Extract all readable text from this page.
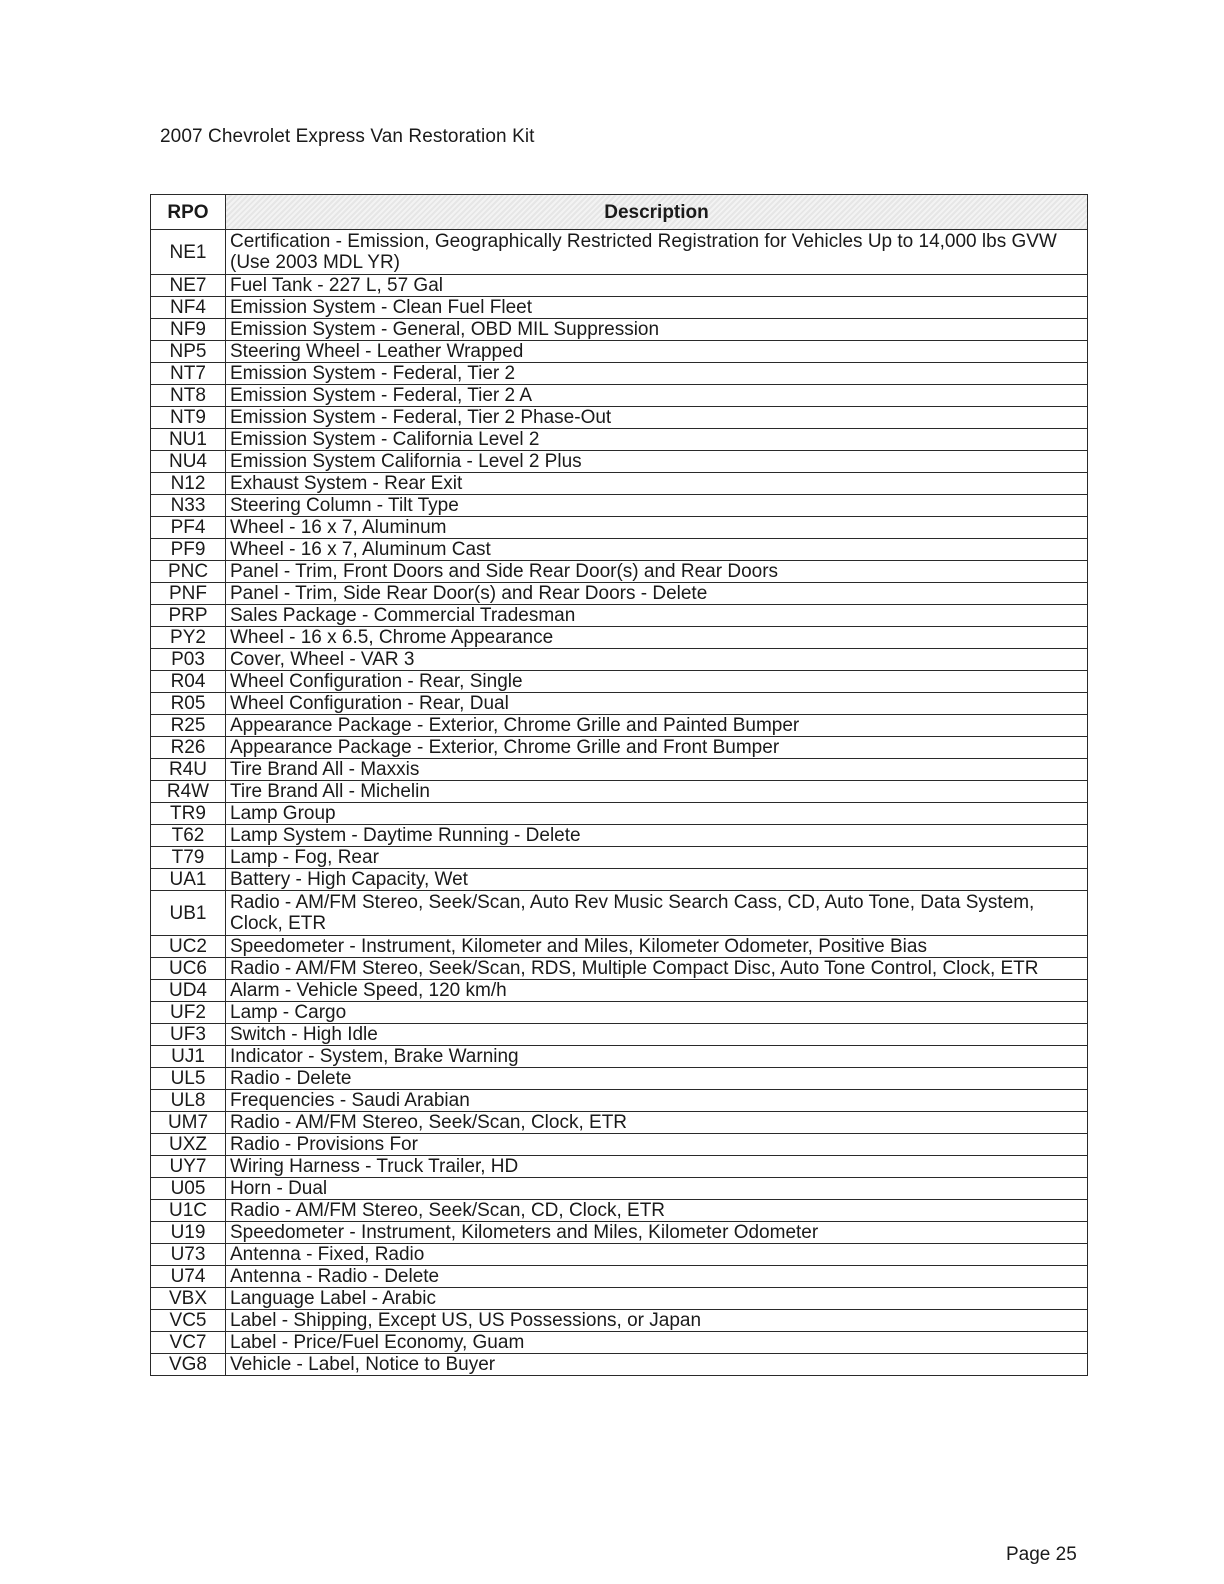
2007 Chevrolet Express Van Restoration Kit
RPO	Description
NE1	Certification - Emission, Geographically Restricted Registration for Vehicles Up to 14,000 lbs GVW (Use 2003 MDL YR)
NE7	Fuel Tank - 227 L, 57 Gal
NF4	Emission System - Clean Fuel Fleet
NF9	Emission System - General, OBD MIL Suppression
NP5	Steering Wheel - Leather Wrapped
NT7	Emission System - Federal, Tier 2
NT8	Emission System - Federal, Tier 2 A
NT9	Emission System - Federal, Tier 2 Phase-Out
NU1	Emission System - California Level 2
NU4	Emission System California - Level 2 Plus
N12	Exhaust System - Rear Exit
N33	Steering Column - Tilt Type
PF4	Wheel - 16 x 7, Aluminum
PF9	Wheel - 16 x 7, Aluminum Cast
PNC	Panel - Trim, Front Doors and Side Rear Door(s) and Rear Doors
PNF	Panel - Trim, Side Rear Door(s) and Rear Doors - Delete
PRP	Sales Package - Commercial Tradesman
PY2	Wheel - 16 x 6.5, Chrome Appearance
P03	Cover, Wheel - VAR 3
R04	Wheel Configuration - Rear, Single
R05	Wheel Configuration - Rear, Dual
R25	Appearance Package - Exterior, Chrome Grille and Painted Bumper
R26	Appearance Package - Exterior, Chrome Grille and Front Bumper
R4U	Tire Brand All - Maxxis
R4W	Tire Brand All - Michelin
TR9	Lamp Group
T62	Lamp System - Daytime Running - Delete
T79	Lamp - Fog, Rear
UA1	Battery - High Capacity, Wet
UB1	Radio - AM/FM Stereo, Seek/Scan, Auto Rev Music Search Cass, CD, Auto Tone, Data System, Clock, ETR
UC2	Speedometer - Instrument, Kilometer and Miles, Kilometer Odometer, Positive Bias
UC6	Radio - AM/FM Stereo, Seek/Scan, RDS, Multiple Compact Disc, Auto Tone Control, Clock, ETR
UD4	Alarm - Vehicle Speed, 120 km/h
UF2	Lamp - Cargo
UF3	Switch - High Idle
UJ1	Indicator - System, Brake Warning
UL5	Radio - Delete
UL8	Frequencies - Saudi Arabian
UM7	Radio - AM/FM Stereo, Seek/Scan, Clock, ETR
UXZ	Radio - Provisions For
UY7	Wiring Harness - Truck Trailer, HD
U05	Horn - Dual
U1C	Radio - AM/FM Stereo, Seek/Scan, CD, Clock, ETR
U19	Speedometer - Instrument, Kilometers and Miles, Kilometer Odometer
U73	Antenna - Fixed, Radio
U74	Antenna - Radio - Delete
VBX	Language Label - Arabic
VC5	Label - Shipping, Except US, US Possessions, or Japan
VC7	Label - Price/Fuel Economy, Guam
VG8	Vehicle - Label, Notice to Buyer
Page 25
